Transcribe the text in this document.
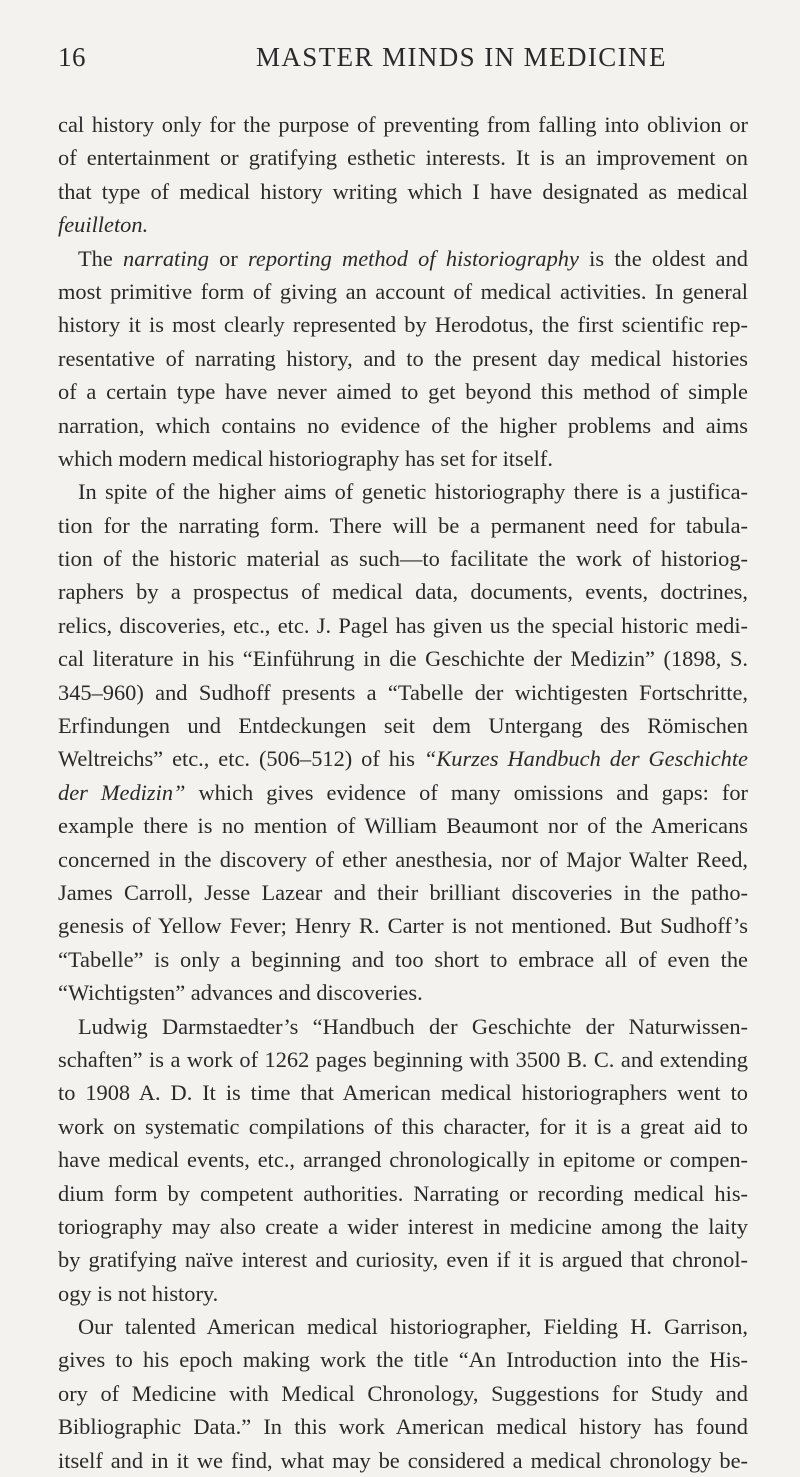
16	MASTER MINDS IN MEDICINE
cal history only for the purpose of preventing from falling into oblivion or
of entertainment or gratifying esthetic interests. It is an improvement on
that type of medical history writing which I have designated as medical
feuilleton.
The narrating or reporting method of historiography is the oldest and
most primitive form of giving an account of medical activities. In general
history it is most clearly represented by Herodotus, the first scientific rep-
resentative of narrating history, and to the present day medical histories
of a certain type have never aimed to get beyond this method of simple
narration, which contains no evidence of the higher problems and aims
which modern medical historiography has set for itself.
In spite of the higher aims of genetic historiography there is a justifica-
tion for the narrating form. There will be a permanent need for tabula-
tion of the historic material as such—to facilitate the work of historiog-
raphers by a prospectus of medical data, documents, events, doctrines,
relics, discoveries, etc., etc. J. Pagel has given us the special historic medi-
cal literature in his “Einführung in die Geschichte der Medizin” (1898, S.
345–960) and Sudhoff presents a “Tabelle der wichtigesten Fortschritte,
Erfindungen und Entdeckungen seit dem Untergang des Römischen
Weltreichs” etc., etc. (506–512) of his “Kurzes Handbuch der Geschichte
der Medizin” which gives evidence of many omissions and gaps: for
example there is no mention of William Beaumont nor of the Americans
concerned in the discovery of ether anesthesia, nor of Major Walter Reed,
James Carroll, Jesse Lazear and their brilliant discoveries in the patho-
genesis of Yellow Fever; Henry R. Carter is not mentioned. But Sudhoff’s
“Tabelle” is only a beginning and too short to embrace all of even the
“Wichtigsten” advances and discoveries.
Ludwig Darmstaedter’s “Handbuch der Geschichte der Naturwissen-
schaften” is a work of 1262 pages beginning with 3500 B. C. and extending
to 1908 A. D. It is time that American medical historiographers went to
work on systematic compilations of this character, for it is a great aid to
have medical events, etc., arranged chronologically in epitome or compen-
dium form by competent authorities. Narrating or recording medical his-
toriography may also create a wider interest in medicine among the laity
by gratifying naïve interest and curiosity, even if it is argued that chronol-
ogy is not history.
Our talented American medical historiographer, Fielding H. Garrison,
gives to his epoch making work the title “An Introduction into the His-
ory of Medicine with Medical Chronology, Suggestions for Study and
Bibliographic Data.” In this work American medical history has found
itself and in it we find, what may be considered a medical chronology be-
